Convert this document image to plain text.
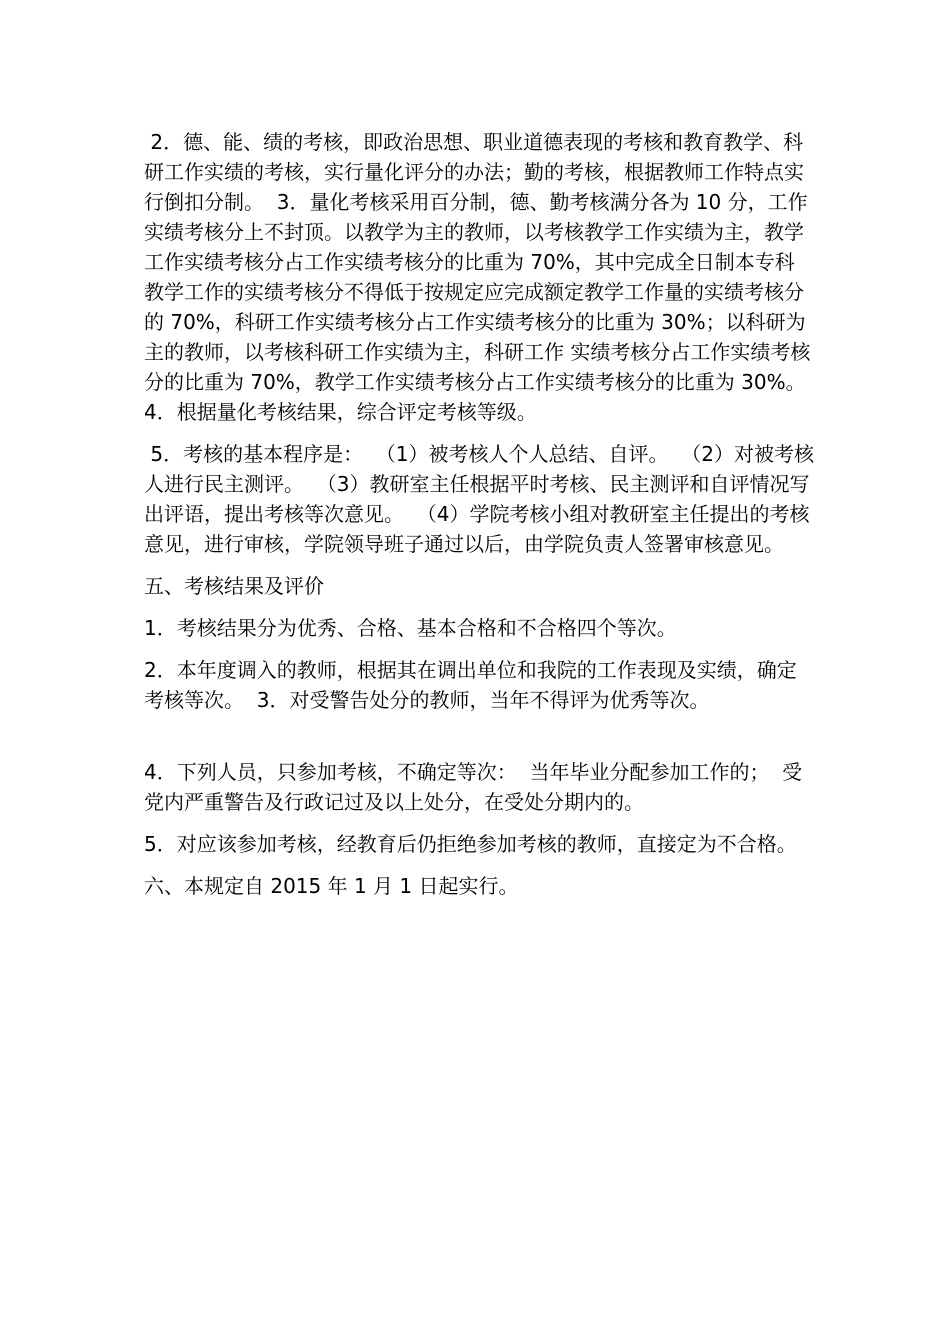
2．德、能、绩的考核，即政治思想、职业道德表现的考核和教育教学、科研工作实绩的考核，实行量化评分的办法；勤的考核，根据教师工作特点实行倒扣分制。  3．量化考核采用百分制，德、勤考核满分各为 10 分，工作实绩考核分上不封顶。以教学为主的教师，以考核教学工作实绩为主，教学工作实绩考核分占工作实绩考核分的比重为 70%，其中完成全日制本专科教学工作的实绩考核分不得低于按规定应完成额定教学工作量的实绩考核分的 70%，科研工作实绩考核分占工作实绩考核分的比重为 30%；以科研为主的教师，以考核科研工作实绩为主，科研工作 实绩考核分占工作实绩考核分的比重为 70%，教学工作实绩考核分占工作实绩考核分的比重为 30%。  4．根据量化考核结果，综合评定考核等级。

5．考核的基本程序是：  （1）被考核人个人总结、自评。  （2）对被考核人进行民主测评。  （3）教研室主任根据平时考核、民主测评和自评情况写出评语，提出考核等次意见。  （4）学院考核小组对教研室主任提出的考核意见，进行审核，学院领导班子通过以后，由学院负责人签署审核意见。

五、考核结果及评价

1．考核结果分为优秀、合格、基本合格和不合格四个等次。

2．本年度调入的教师，根据其在调出单位和我院的工作表现及实绩，确定考核等次。  3．对受警告处分的教师，当年不得评为优秀等次。

4．下列人员，只参加考核，不确定等次：  当年毕业分配参加工作的；  受党内严重警告及行政记过及以上处分，在受处分期内的。

5．对应该参加考核，经教育后仍拒绝参加考核的教师，直接定为不合格。

六、本规定自 2015 年 1 月 1 日起实行。
